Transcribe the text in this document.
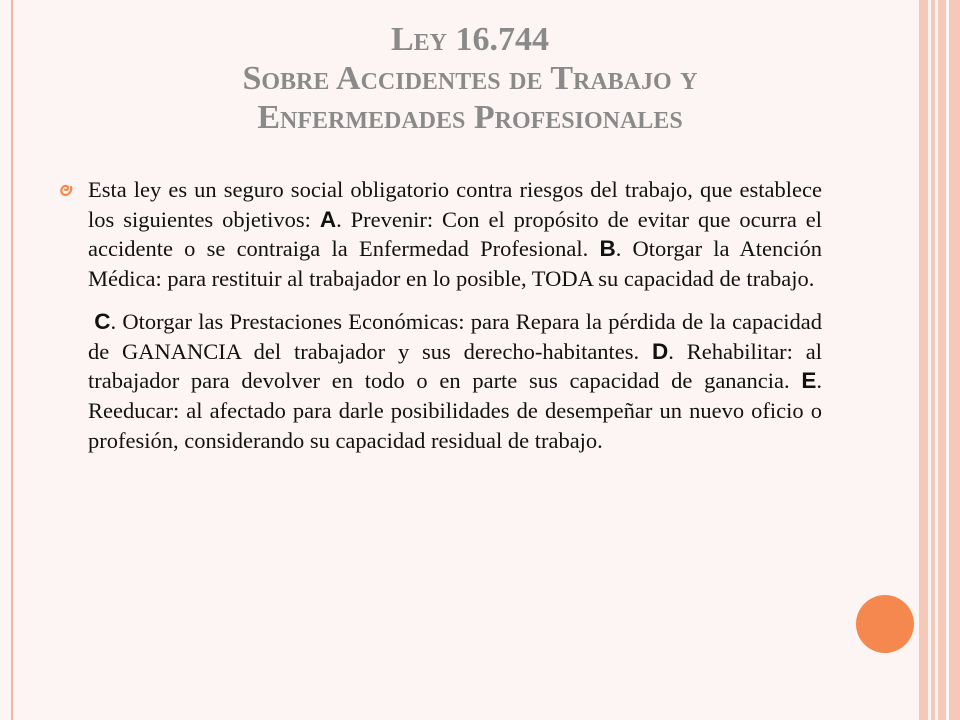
Ley 16.744
Sobre Accidentes de Trabajo y
Enfermedades Profesionales

Esta ley es un seguro social obligatorio contra riesgos del trabajo, que establece los siguientes objetivos: A. Prevenir: Con el propósito de evitar que ocurra el accidente o se contraiga la Enfermedad Profesional. B. Otorgar la Atención Médica: para restituir al trabajador en lo posible, TODA su capacidad de trabajo.

C. Otorgar las Prestaciones Económicas: para Repara la pérdida de la capacidad de GANANCIA del trabajador y sus derecho-habitantes. D. Rehabilitar: al trabajador para devolver en todo o en parte sus capacidad de ganancia. E. Reeducar: al afectado para darle posibilidades de desempeñar un nuevo oficio o profesión, considerando su capacidad residual de trabajo.
